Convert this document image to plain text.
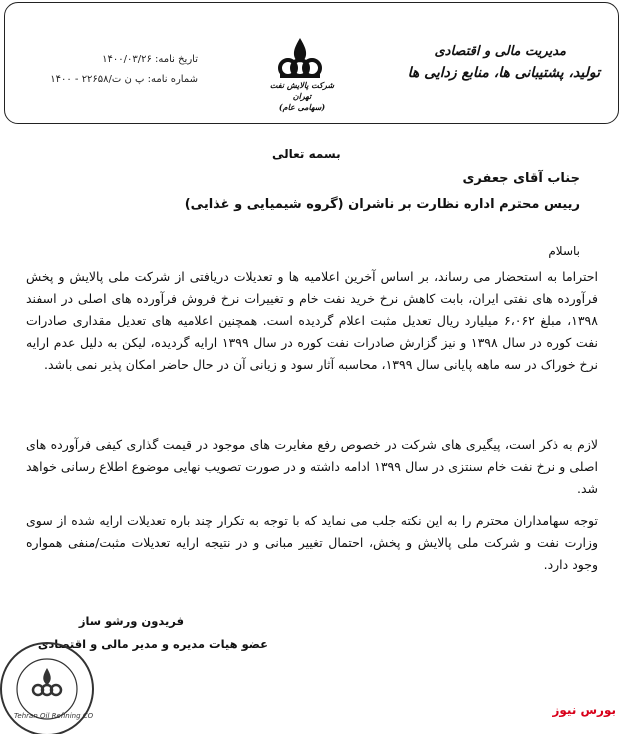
مدیریت مالی و اقتصادی
تولید، پشتیبانی ها، منابع زدایی ها
شرکت پالایش نفت تهران
(سهامی عام)
تاریخ نامه: ۱۴۰۰/۰۳/۲۶
شماره نامه: پ ن ت/۲۲۶۵۸ - ۱۴۰۰
بسمه تعالی
جناب آقای جعفری
رییس محترم اداره نظارت بر ناشران (گروه شیمیایی و غذایی)
باسلام

احتراما به استحضار می رساند، بر اساس آخرین اعلامیه ها و تعدیلات دریافتی از شرکت ملی پالایش و پخش فرآورده های نفتی ایران، بابت کاهش نرخ خرید نفت خام و تغییرات نرخ فروش فرآورده های اصلی در اسفند ۱۳۹۸، مبلغ ۶،۰۶۲ میلیارد ریال تعدیل مثبت اعلام گردیده است. همچنین اعلامیه های تعدیل مقداری صادرات نفت کوره در سال ۱۳۹۸ و نیز گزارش صادرات نفت کوره در سال ۱۳۹۹ ارایه گردیده، لیکن به دلیل عدم ارایه نرخ خوراک در سه ماهه پایانی سال ۱۳۹۹، محاسبه آثار سود و زیانی آن در حال حاضر امکان پذیر نمی باشد.

لازم به ذکر است، پیگیری های شرکت در خصوص رفع مغایرت های موجود در قیمت گذاری کیفی فرآورده های اصلی و نرخ نفت خام سنتزی در سال ۱۳۹۹ ادامه داشته و در صورت تصویب نهایی موضوع اطلاع رسانی خواهد شد.

توجه سهامداران محترم را به این نکته جلب می نماید که با توجه به تکرار چند باره تعدیلات ارایه شده از سوی وزارت نفت و شرکت ملی پالایش و پخش، احتمال تغییر مبانی و در نتیجه ارایه تعدیلات مثبت/منفی همواره وجود دارد.

فریدون ورشو ساز
عضو هیات مدیره و مدیر مالی و اقتصادی
Tehran Oil Refining CO	بورس نیوز
